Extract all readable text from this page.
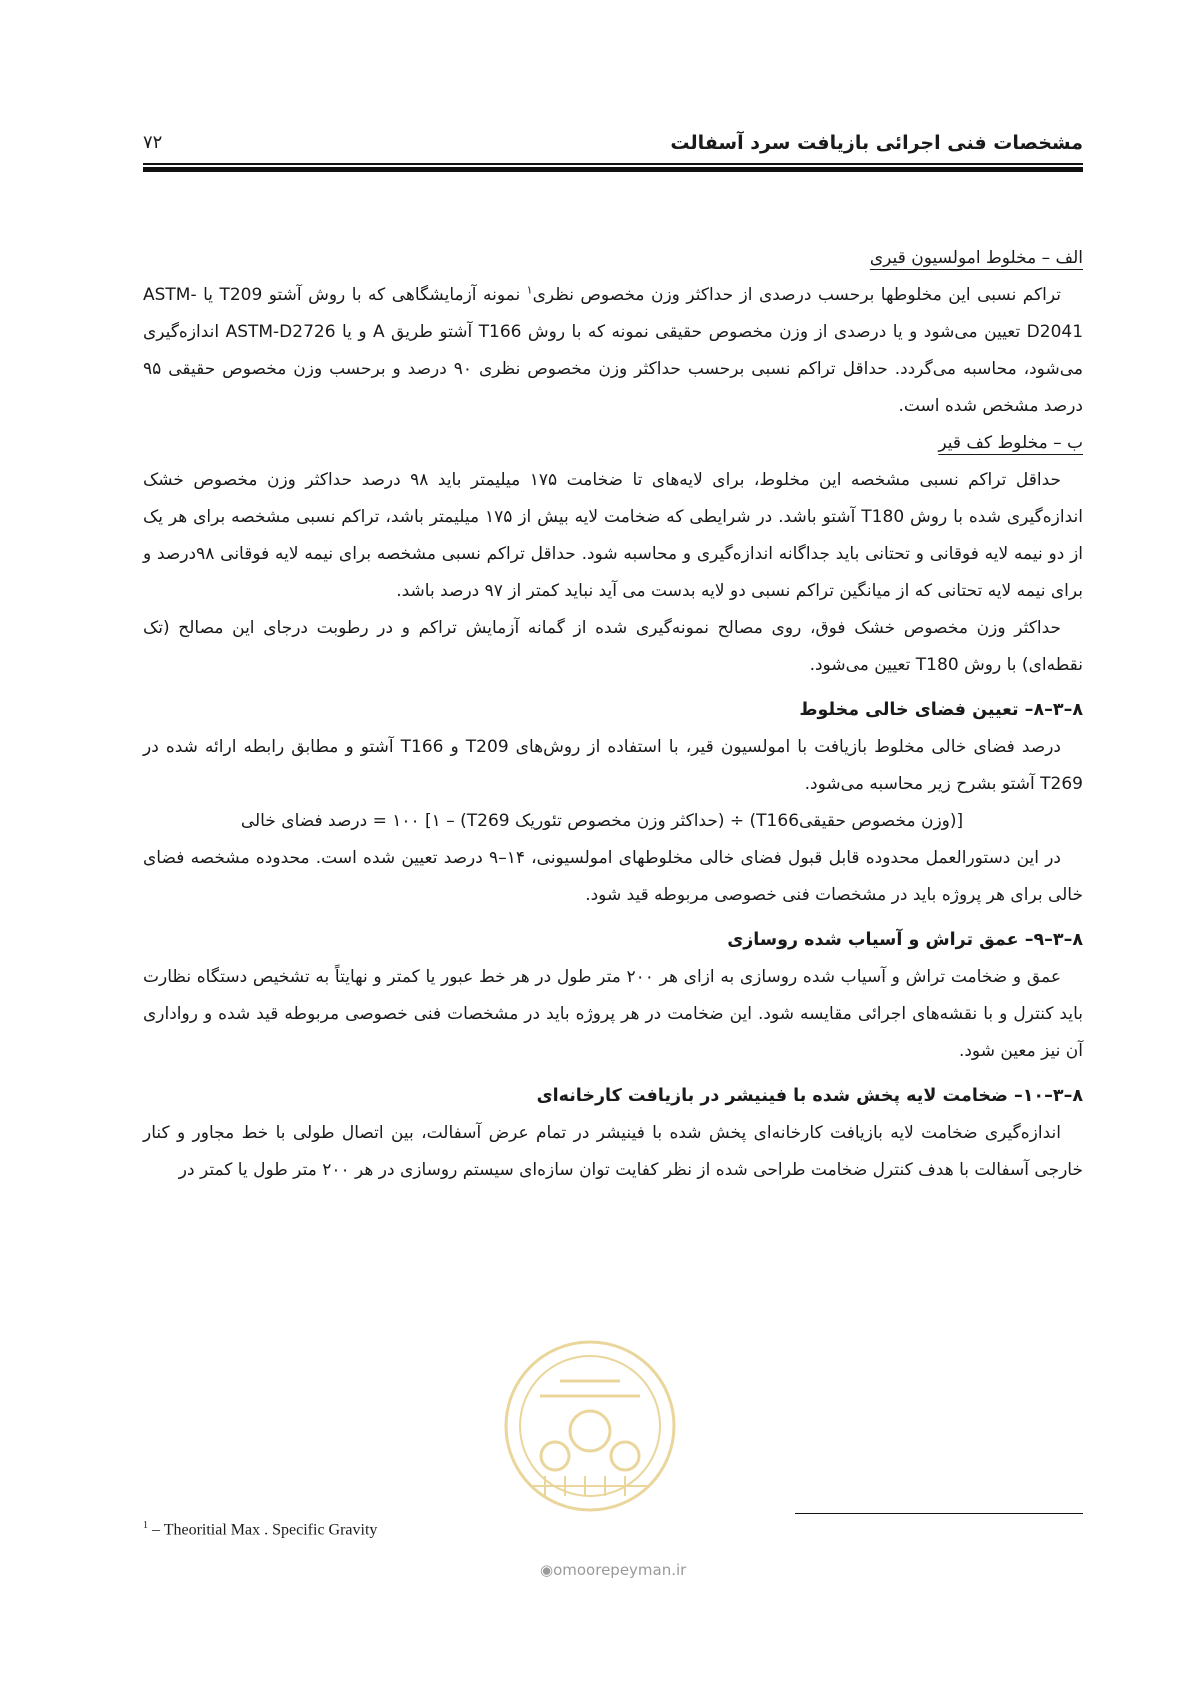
مشخصات فنی اجرائی بازیافت سرد آسفالت
۷۲

الف – مخلوط امولسیون قیری

تراکم نسبی این مخلوطها برحسب درصدی از حداکثر وزن مخصوص نظری$^۱$ نمونه آزمایشگاهی که با روش آشتو T209 یا ASTM-D2041 تعیین می‌شود و یا درصدی از وزن مخصوص حقیقی نمونه که با روش T166 آشتو طریق A و یا ASTM-D2726 اندازه‌گیری می‌شود، محاسبه می‌گردد. حداقل تراکم نسبی برحسب حداکثر وزن مخصوص نظری ۹۰ درصد و برحسب وزن مخصوص حقیقی ۹۵ درصد مشخص شده است.

ب – مخلوط کف قیر

حداقل تراکم نسبی مشخصه این مخلوط، برای لایه‌های تا ضخامت ۱۷۵ میلیمتر باید ۹۸ درصد حداکثر وزن مخصوص خشک اندازه‌گیری شده با روش T180 آشتو باشد. در شرایطی که ضخامت لایه بیش از ۱۷۵ میلیمتر باشد، تراکم نسبی مشخصه برای هر یک از دو نیمه لایه فوقانی و تحتانی باید جداگانه اندازه‌گیری و محاسبه شود. حداقل تراکم نسبی مشخصه برای نیمه لایه فوقانی ۹۸درصد و برای نیمه لایه تحتانی که از میانگین تراکم نسبی دو لایه بدست می آید نباید کمتر از ۹۷ درصد باشد.

حداکثر وزن مخصوص خشک فوق، روی مصالح نمونه‌گیری شده از گمانه آزمایش تراکم و در رطوبت درجای این مصالح (تک نقطه‌ای) با روش T180 تعیین می‌شود.

۸–۳–۸– تعیین فضای خالی مخلوط

درصد فضای خالی مخلوط بازیافت با امولسیون قیر، با استفاده از روش‌های T209 و T166 آشتو و مطابق رابطه ارائه شده در T269 آشتو بشرح زیر محاسبه می‌شود.

[(وزن مخصوص حقیقیT166) ÷ (حداکثر وزن مخصوص تئوریک T269) – ۱] ۱۰۰ = درصد فضای خالی

در این دستورالعمل محدوده قابل قبول فضای خالی مخلوطهای امولسیونی، ۱۴–۹ درصد تعیین شده است. محدوده مشخصه فضای خالی برای هر پروژه باید در مشخصات فنی خصوصی مربوطه قید شود.

۸–۳–۹– عمق تراش و آسیاب شده روسازی

عمق و ضخامت تراش و آسیاب شده روسازی به ازای هر ۲۰۰ متر طول در هر خط عبور یا کمتر و نهایتاً به تشخیص دستگاه نظارت باید کنترل و با نقشه‌های اجرائی مقایسه شود. این ضخامت در هر پروژه باید در مشخصات فنی خصوصی مربوطه قید شده و رواداری آن نیز معین شود.

۸–۳–۱۰– ضخامت لایه پخش شده با فینیشر در بازیافت کارخانه‌ای

اندازه‌گیری ضخامت لایه بازیافت کارخانه‌ای پخش شده با فینیشر در تمام عرض آسفالت، بین اتصال طولی با خط مجاور و کنار خارجی آسفالت با هدف کنترل ضخامت طراحی شده از نظر کفایت توان سازه‌ای سیستم روسازی در هر ۲۰۰ متر طول یا کمتر در

$^1$ – Theoritial Max . Specific Gravity
◉omoorepeyman.ir
